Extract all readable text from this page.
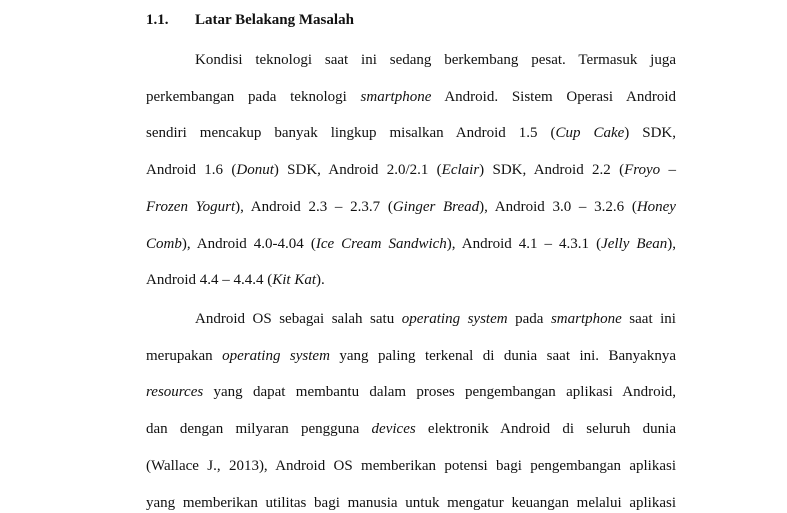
1.1. Latar Belakang Masalah
Kondisi teknologi saat ini sedang berkembang pesat. Termasuk juga
perkembangan pada teknologi smartphone Android. Sistem Operasi Android
sendiri mencakup banyak lingkup misalkan Android 1.5 (Cup Cake) SDK,
Android 1.6 (Donut) SDK, Android 2.0/2.1 (Eclair) SDK, Android 2.2 (Froyo –
Frozen Yogurt), Android 2.3 – 2.3.7 (Ginger Bread), Android 3.0 – 3.2.6 (Honey
Comb), Android 4.0-4.04 (Ice Cream Sandwich), Android 4.1 – 4.3.1 (Jelly Bean),
Android 4.4 – 4.4.4 (Kit Kat).
Android OS sebagai salah satu operating system pada smartphone saat ini
merupakan operating system yang paling terkenal di dunia saat ini. Banyaknya
resources yang dapat membantu dalam proses pengembangan aplikasi Android,
dan dengan milyaran pengguna devices elektronik Android di seluruh dunia
(Wallace J., 2013), Android OS memberikan potensi bagi pengembangan aplikasi
yang memberikan utilitas bagi manusia untuk mengatur keuangan melalui aplikasi
